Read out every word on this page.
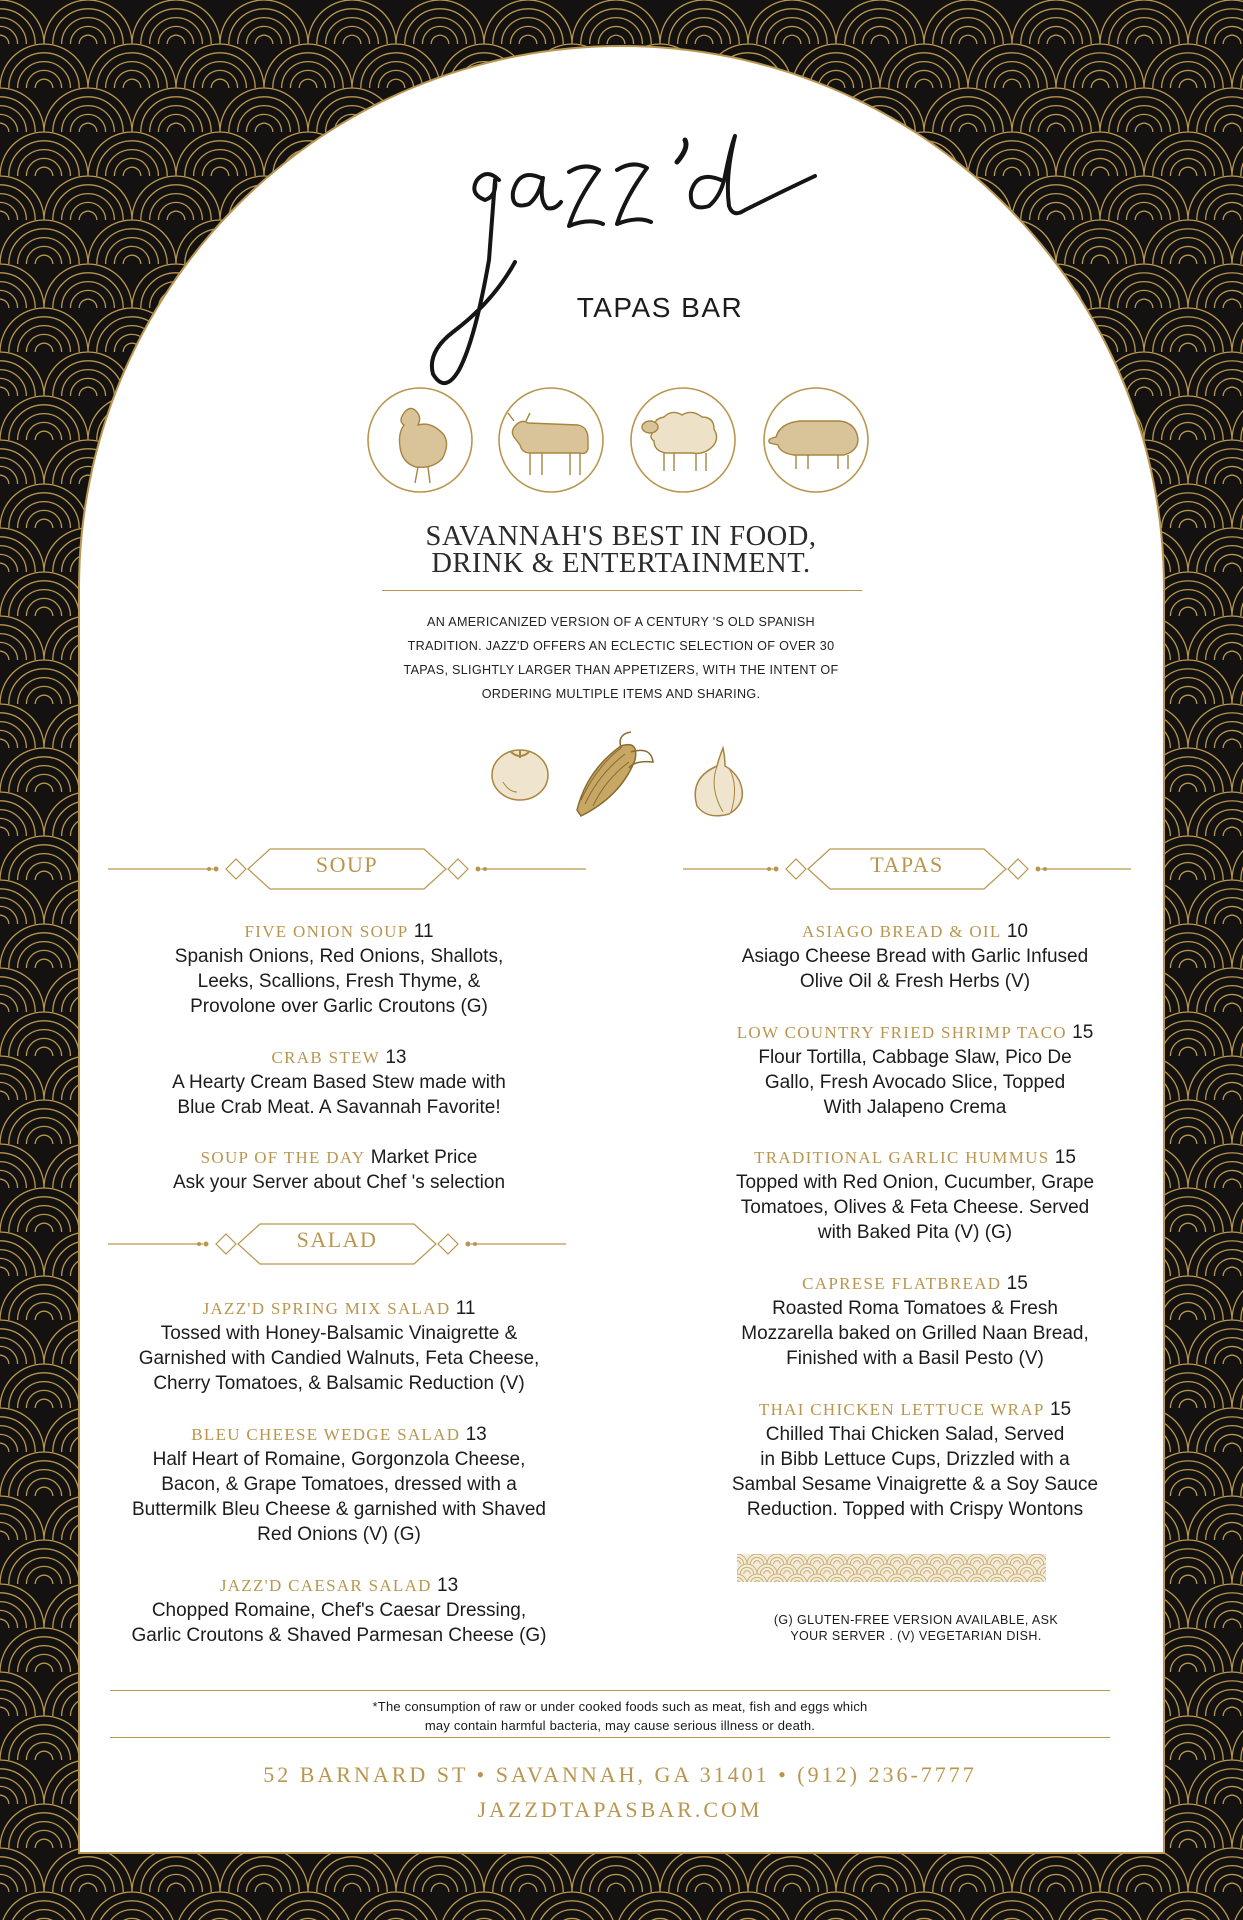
TAPAS BAR
SAVANNAH'S BEST IN FOOD,
DRINK & ENTERTAINMENT.
AN AMERICANIZED VERSION OF A CENTURY 'S OLD SPANISH
TRADITION. JAZZ'D OFFERS AN ECLECTIC SELECTION OF OVER 30
TAPAS, SLIGHTLY LARGER THAN APPETIZERS, WITH THE INTENT OF
ORDERING MULTIPLE ITEMS AND SHARING.
SOUP	TAPAS
SALAD
FIVE ONION SOUP 11
Spanish Onions, Red Onions, Shallots,
Leeks, Scallions, Fresh Thyme, &
Provolone over Garlic Croutons (G)
CRAB STEW 13
A Hearty Cream Based Stew made with
Blue Crab Meat. A Savannah Favorite!
SOUP OF THE DAY Market Price
Ask your Server about Chef 's selection
JAZZ'D SPRING MIX SALAD 11
Tossed with Honey-Balsamic Vinaigrette &
Garnished with Candied Walnuts, Feta Cheese,
Cherry Tomatoes, & Balsamic Reduction (V)
BLEU CHEESE WEDGE SALAD 13
Half Heart of Romaine, Gorgonzola Cheese,
Bacon, & Grape Tomatoes, dressed with a
Buttermilk Bleu Cheese & garnished with Shaved
Red Onions (V) (G)
JAZZ'D CAESAR SALAD 13
Chopped Romaine, Chef's Caesar Dressing,
Garlic Croutons & Shaved Parmesan Cheese (G)
ASIAGO BREAD & OIL 10
Asiago Cheese Bread with Garlic Infused
Olive Oil & Fresh Herbs (V)
LOW COUNTRY FRIED SHRIMP TACO 15
Flour Tortilla, Cabbage Slaw, Pico De
Gallo, Fresh Avocado Slice, Topped
With Jalapeno Crema
TRADITIONAL GARLIC HUMMUS 15
Topped with Red Onion, Cucumber, Grape
Tomatoes, Olives & Feta Cheese. Served
with Baked Pita (V) (G)
CAPRESE FLATBREAD 15
Roasted Roma Tomatoes & Fresh
Mozzarella baked on Grilled Naan Bread,
Finished with a Basil Pesto (V)
THAI CHICKEN LETTUCE WRAP 15
Chilled Thai Chicken Salad, Served
in Bibb Lettuce Cups, Drizzled with a
Sambal Sesame Vinaigrette & a Soy Sauce
Reduction. Topped with Crispy Wontons
(G) GLUTEN-FREE VERSION AVAILABLE, ASK
YOUR SERVER . (V) VEGETARIAN DISH.
*The consumption of raw or under cooked foods such as meat, fish and eggs which
may contain harmful bacteria, may cause serious illness or death.
52 BARNARD ST • SAVANNAH, GA 31401 • (912) 236-7777
JAZZDTAPASBAR.COM
